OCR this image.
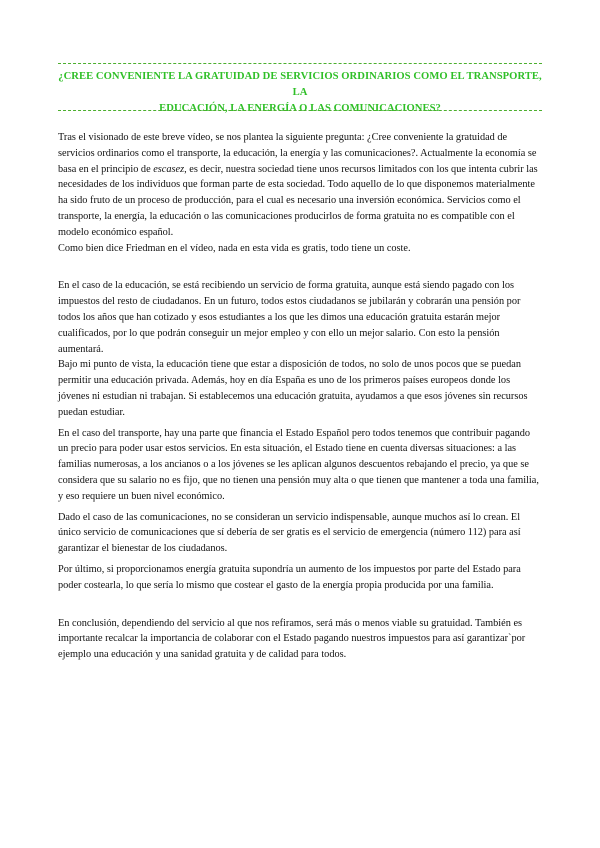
¿CREE CONVENIENTE LA GRATUIDAD DE SERVICIOS ORDINARIOS COMO EL TRANSPORTE, LA
EDUCACIÓN, LA ENERGÍA O LAS COMUNICACIONES?

Tras el visionado de este breve vídeo, se nos plantea la siguiente pregunta: ¿Cree conveniente la gratuidad de servicios ordinarios como el transporte, la educación, la energía y las comunicaciones?. Actualmente la economía se basa en el principio de escasez, es decir, nuestra sociedad tiene unos recursos limitados con los que intenta cubrir las necesidades de los individuos que forman parte de esta sociedad. Todo aquello de lo que disponemos materialmente ha sido fruto de un proceso de producción, para el cual es necesario una inversión económica. Servicios como el transporte, la energía, la educación o las comunicaciones producirlos de forma gratuita no es compatible con el modelo económico español.

Como bien dice Friedman en el vídeo, nada en esta vida es gratis, todo tiene un coste.

En el caso de la educación, se está recibiendo un servicio de forma gratuita, aunque está siendo pagado con los impuestos del resto de ciudadanos. En un futuro, todos estos ciudadanos se jubilarán y cobrarán una pensión por todos los años que han cotizado y esos estudiantes a los que les dimos una educación gratuita estarán mejor cualificados, por lo que podrán conseguir un mejor empleo y con ello un mejor salario. Con esto la pensión aumentará.

Bajo mi punto de vista, la educación tiene que estar a disposición de todos, no solo de unos pocos que se puedan permitir una educación privada. Además, hoy en día España es uno de los primeros países europeos donde los jóvenes ni estudian ni trabajan. Si establecemos una educación gratuita, ayudamos a que esos jóvenes sin recursos puedan estudiar.

En el caso del transporte, hay una parte que financia el Estado Español pero todos tenemos que contribuir pagando un precio para poder usar estos servicios. En esta situación, el Estado tiene en cuenta diversas situaciones: a las familias numerosas, a los ancianos o a los jóvenes se les aplican algunos descuentos rebajando el precio, ya que se considera que su salario no es fijo, que no tienen una pensión muy alta o que tienen que mantener a toda una familia, y eso requiere un buen nivel económico.

Dado el caso de las comunicaciones, no se consideran un servicio indispensable, aunque muchos así lo crean. El único servicio de comunicaciones que sí debería de ser gratis es el servicio de emergencia (número 112) para así garantizar el bienestar de los ciudadanos.

Por último, si proporcionamos energía gratuita supondría un aumento de los impuestos por parte del Estado para poder costearla, lo que sería lo mismo que costear el gasto de la energía propia producida por una familia.

En conclusión, dependiendo del servicio al que nos refiramos, será más o menos viable su gratuidad. También es importante recalcar la importancia de colaborar con el Estado pagando nuestros impuestos para así garantizar`por ejemplo una educación y una sanidad gratuita y de calidad para todos.
